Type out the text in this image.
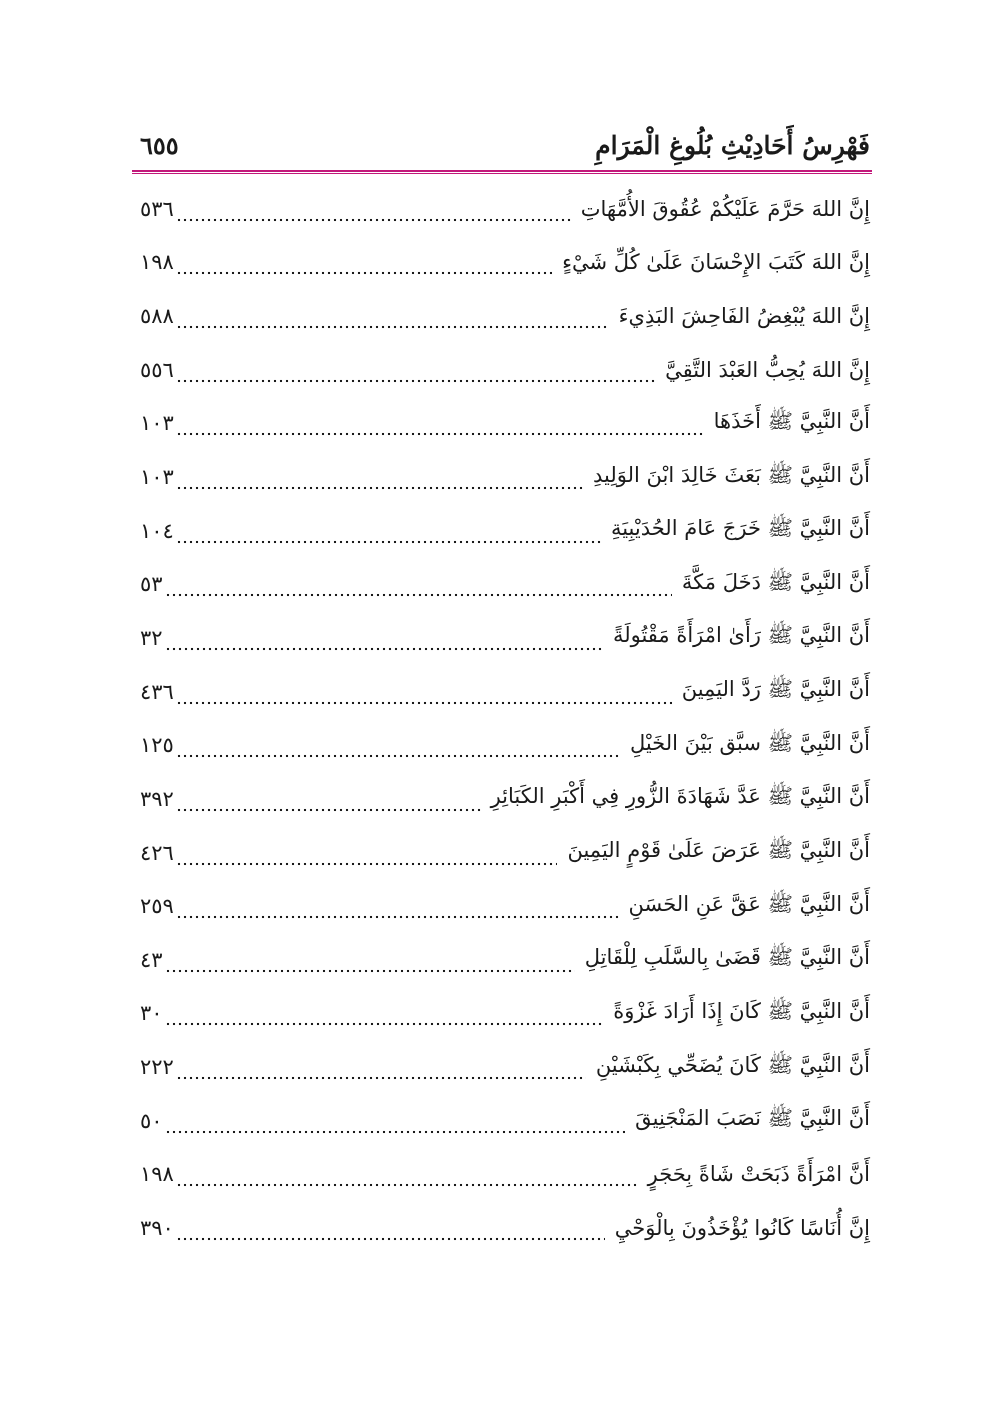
فَهْرِسُ أَحَادِيْثِ بُلُوغِ الْمَرَامِ
٦٥٥
إِنَّ اللهَ حَرَّمَ عَلَيْكُمْ عُقُوقَ الأُمَّهَاتِ
٥٣٦
إِنَّ اللهَ كَتَبَ الإِحْسَانَ عَلَىٰ كُلِّ شَيْءٍ
١٩٨
إِنَّ اللهَ يُبْغِضُ الفَاحِشَ البَذِيءَ
٥٨٨
إِنَّ اللهَ يُحِبُّ العَبْدَ التَّقِيَّ
٥٥٦
أَنَّ النَّبِيَّ ﷺ أَخَذَهَا
١٠٣
أَنَّ النَّبِيَّ ﷺ بَعَثَ خَالِدَ ابْنَ الوَلِيدِ
١٠٣
أَنَّ النَّبِيَّ ﷺ خَرَجَ عَامَ الحُدَيْبِيَةِ
١٠٤
أَنَّ النَّبِيَّ ﷺ دَخَلَ مَكَّةَ
٥٣
أَنَّ النَّبِيَّ ﷺ رَأَىٰ امْرَأَةً مَقْتُولَةً
٣٢
أَنَّ النَّبِيَّ ﷺ رَدَّ اليَمِينَ
٤٣٦
أَنَّ النَّبِيَّ ﷺ سبَّق بَيْنَ الخَيْلِ
١٢٥
أَنَّ النَّبِيَّ ﷺ عَدَّ شَهَادَةَ الزُّورِ فِي أَكْبَرِ الكَبَائِرِ
٣٩٢
أَنَّ النَّبِيَّ ﷺ عَرَضَ عَلَىٰ قَوْمٍ اليَمِينَ
٤٢٦
أَنَّ النَّبِيَّ ﷺ عَقَّ عَنِ الحَسَنِ
٢٥٩
أَنَّ النَّبِيَّ ﷺ قَضَىٰ بِالسَّلَبِ لِلْقَاتِلِ
٤٣
أَنَّ النَّبِيَّ ﷺ كَانَ إِذَا أَرَادَ غَزْوَةً
٣٠
أَنَّ النَّبِيَّ ﷺ كَانَ يُضَحِّي بِكَبْشَيْنِ
٢٢٢
أَنَّ النَّبِيَّ ﷺ نَصَبَ المَنْجَنِيقَ
٥٠
أَنَّ امْرَأَةً ذَبَحَتْ شَاةً بِحَجَرٍ
١٩٨
إِنَّ أُنَاسًا كَانُوا يُؤْخَذُونَ بِالْوَحْيِ
٣٩٠
